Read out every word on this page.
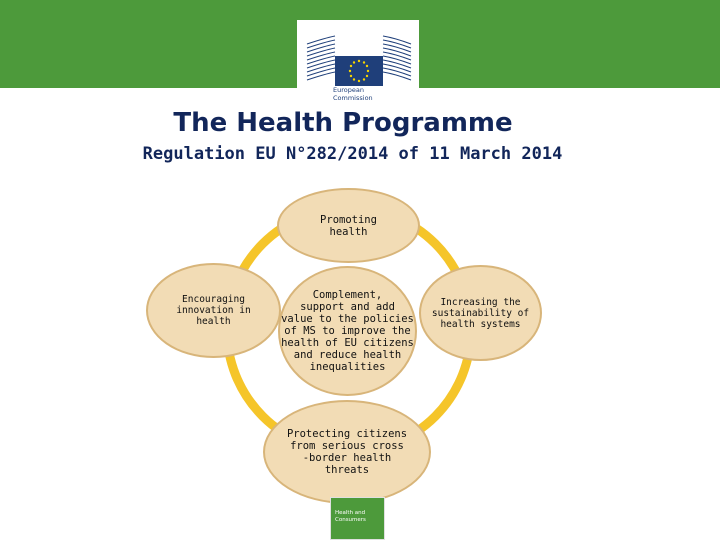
European
Commission
The Health Programme
Regulation EU N°282/2014 of 11 March 2014
Promoting
health
Encouraging
innovation in
health
Complement,
support and add
value to the policies
of MS to improve the
health of EU citizens
and reduce health
inequalities
Increasing the
sustainability of
health systems
Protecting citizens
from serious cross
-border health
threats
Health and
Consumers
